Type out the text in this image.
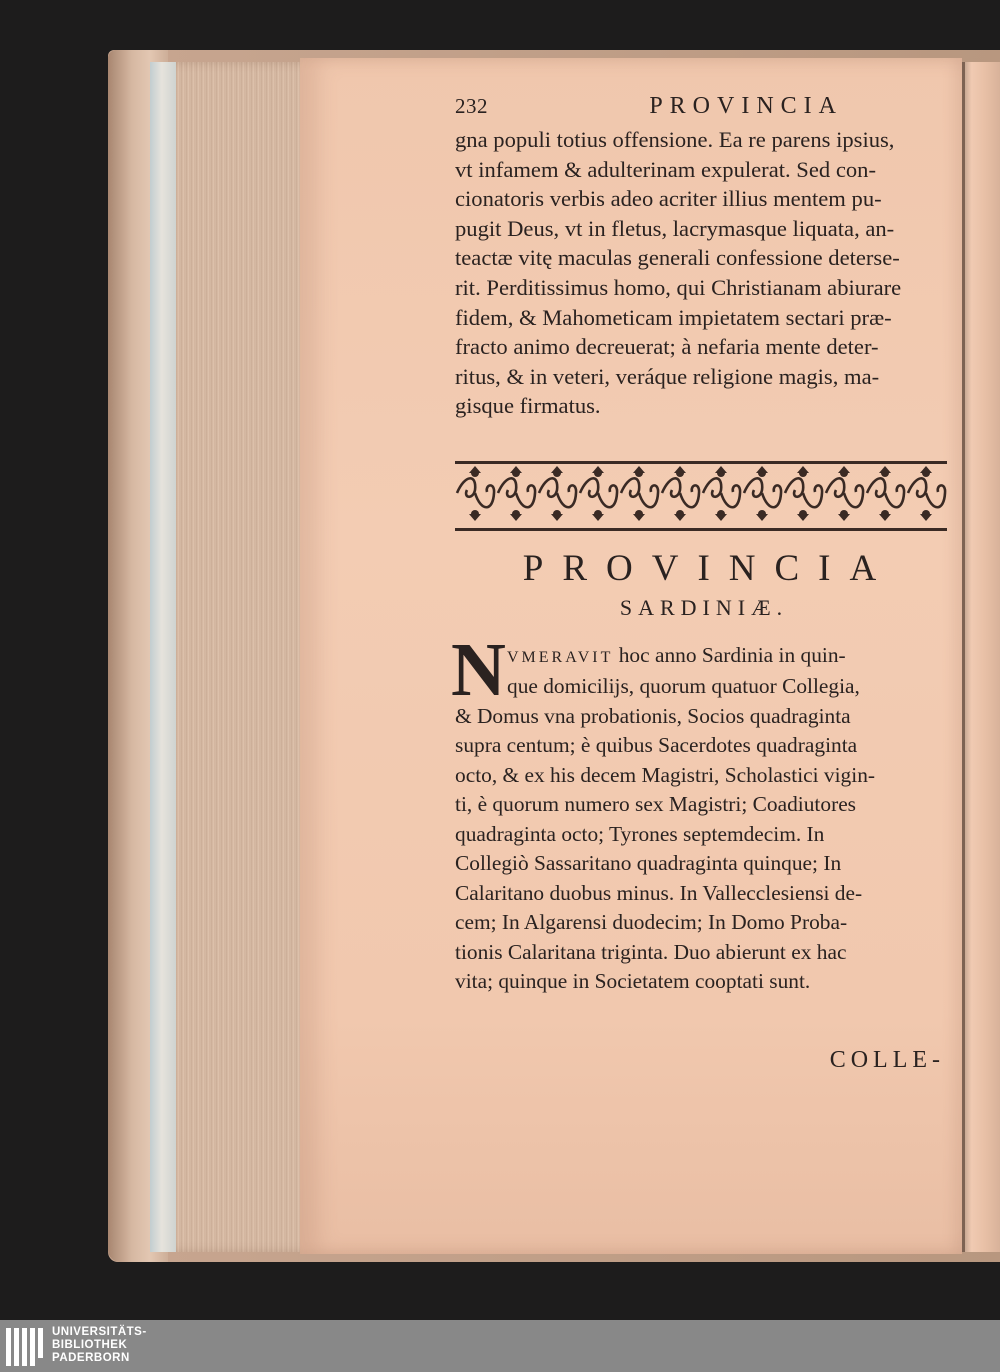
232	PROVINCIA

gna populi totius offensione. Ea re parens ipsius,
vt infamem & adulterinam expulerat. Sed con-
cionatoris verbis adeo acriter illius mentem pu-
pugit Deus, vt in fletus, lacrymasque liquata, an-
teactæ vitę maculas generali confessione deterse-
rit. Perditissimus homo, qui Christianam abiurare
fidem, & Mahometicam impietatem sectari præ-
fracto animo decreuerat; à nefaria mente deter-
ritus, & in veteri, veráque religione magis, ma-
gisque firmatus.

PROVINCIA
SARDINIÆ.
N VMERAVIT hoc anno Sardinia in quin-
que domicilijs, quorum quatuor Collegia,
& Domus vna probationis, Socios quadraginta
supra centum; è quibus Sacerdotes quadraginta
octo, & ex his decem Magistri, Scholastici vigin-
ti, è quorum numero sex Magistri; Coadiutores
quadraginta octo; Tyrones septemdecim. In
Collegiò Sassaritano quadraginta quinque; In
Calaritano duobus minus. In Vallecclesiensi de-
cem; In Algarensi duodecim; In Domo Proba-
tionis Calaritana triginta. Duo abierunt ex hac
vita; quinque in Societatem cooptati sunt.
COLLE-
UNIVERSITÄTS-
BIBLIOTHEK
PADERBORN
